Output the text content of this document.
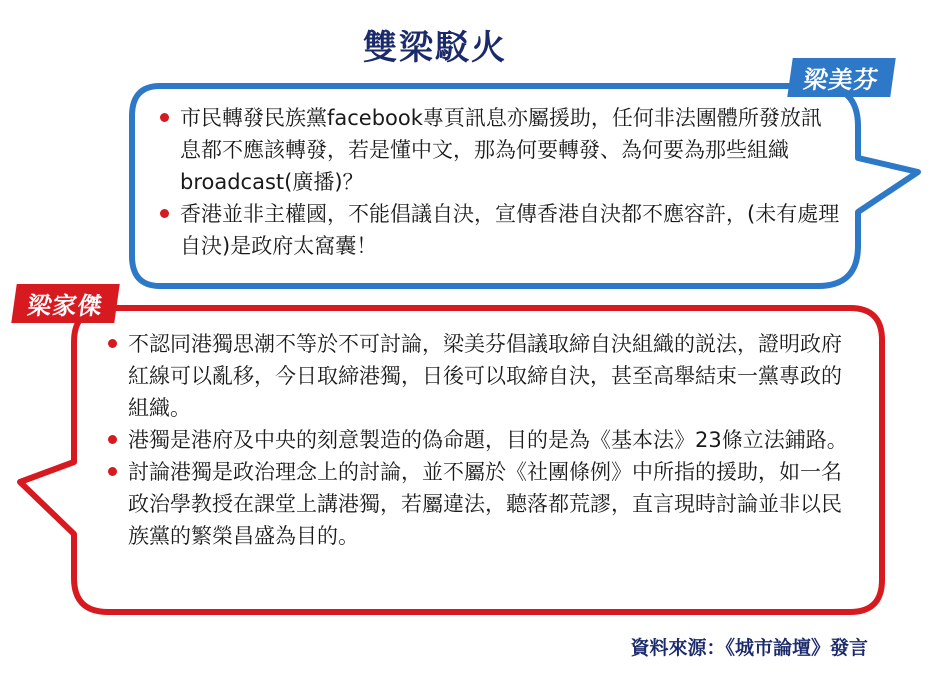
雙梁駁火
梁美芬
梁家傑
市民轉發民族黨facebook專頁訊息亦屬援助，任何非法團體所發放訊息都不應該轉發，若是懂中文，那為何要轉發、為何要為那些組織broadcast(廣播)？
香港並非主權國，不能倡議自決，宣傳香港自決都不應容許，(未有處理自決)是政府太窩囊！
不認同港獨思潮不等於不可討論，梁美芬倡議取締自決組織的説法，證明政府紅線可以亂移，今日取締港獨，日後可以取締自決，甚至高舉結束一黨專政的組織。
港獨是港府及中央的刻意製造的偽命題，目的是為《基本法》23條立法鋪路。
討論港獨是政治理念上的討論，並不屬於《社團條例》中所指的援助，如一名政治學教授在課堂上講港獨，若屬違法，聽落都荒謬，直言現時討論並非以民族黨的繁榮昌盛為目的。
資料來源：《城市論壇》發言
